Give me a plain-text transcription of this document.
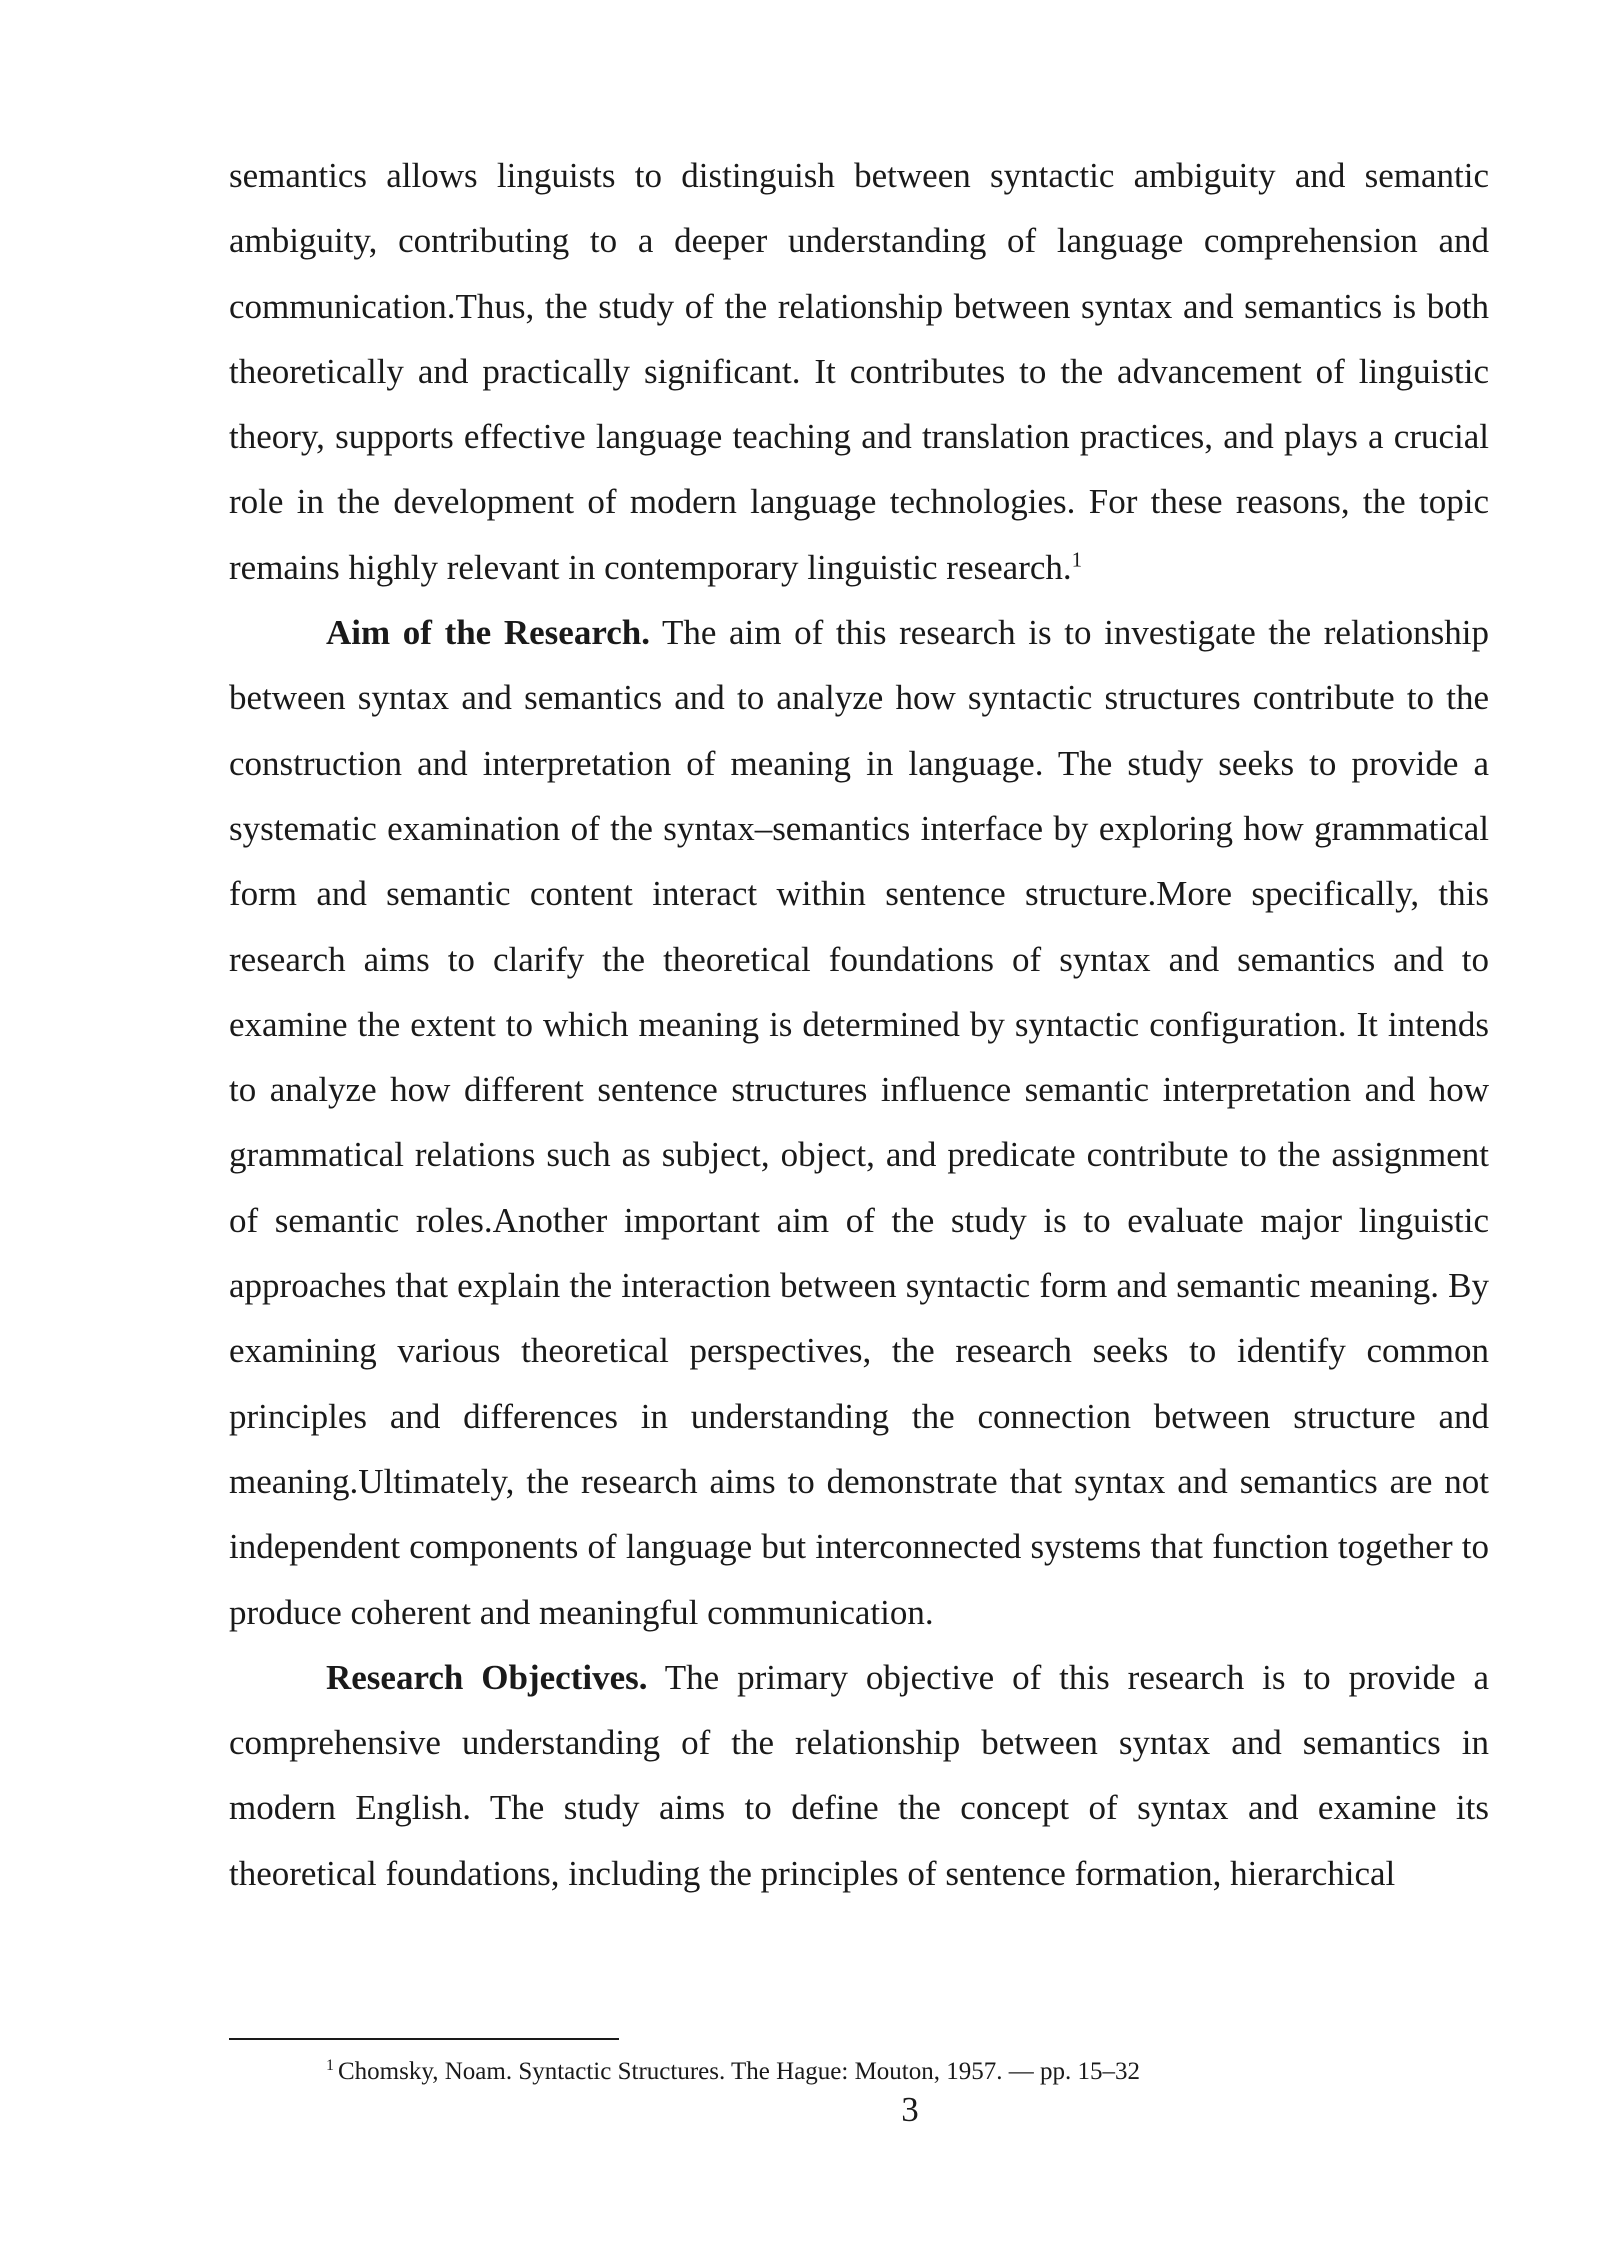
semantics allows linguists to distinguish between syntactic ambiguity and semantic ambiguity, contributing to a deeper understanding of language comprehension and communication.Thus, the study of the relationship between syntax and semantics is both theoretically and practically significant. It contributes to the advancement of linguistic theory, supports effective language teaching and translation practices, and plays a crucial role in the development of modern language technologies. For these reasons, the topic remains highly relevant in contemporary linguistic research.$^1$

Aim of the Research. The aim of this research is to investigate the relationship between syntax and semantics and to analyze how syntactic structures contribute to the construction and interpretation of meaning in language. The study seeks to provide a systematic examination of the syntax–semantics interface by exploring how grammatical form and semantic content interact within sentence structure.More specifically, this research aims to clarify the theoretical foundations of syntax and semantics and to examine the extent to which meaning is determined by syntactic configuration. It intends to analyze how different sentence structures influence semantic interpretation and how grammatical relations such as subject, object, and predicate contribute to the assignment of semantic roles.Another important aim of the study is to evaluate major linguistic approaches that explain the interaction between syntactic form and semantic meaning. By examining various theoretical perspectives, the research seeks to identify common principles and differences in understanding the connection between structure and meaning.Ultimately, the research aims to demonstrate that syntax and semantics are not independent components of language but interconnected systems that function together to produce coherent and meaningful communication.

Research Objectives. The primary objective of this research is to provide a comprehensive understanding of the relationship between syntax and semantics in modern English. The study aims to define the concept of syntax and examine its theoretical foundations, including the principles of sentence formation, hierarchical

$^1$ Chomsky, Noam. Syntactic Structures. The Hague: Mouton, 1957. — pp. 15–32
3
